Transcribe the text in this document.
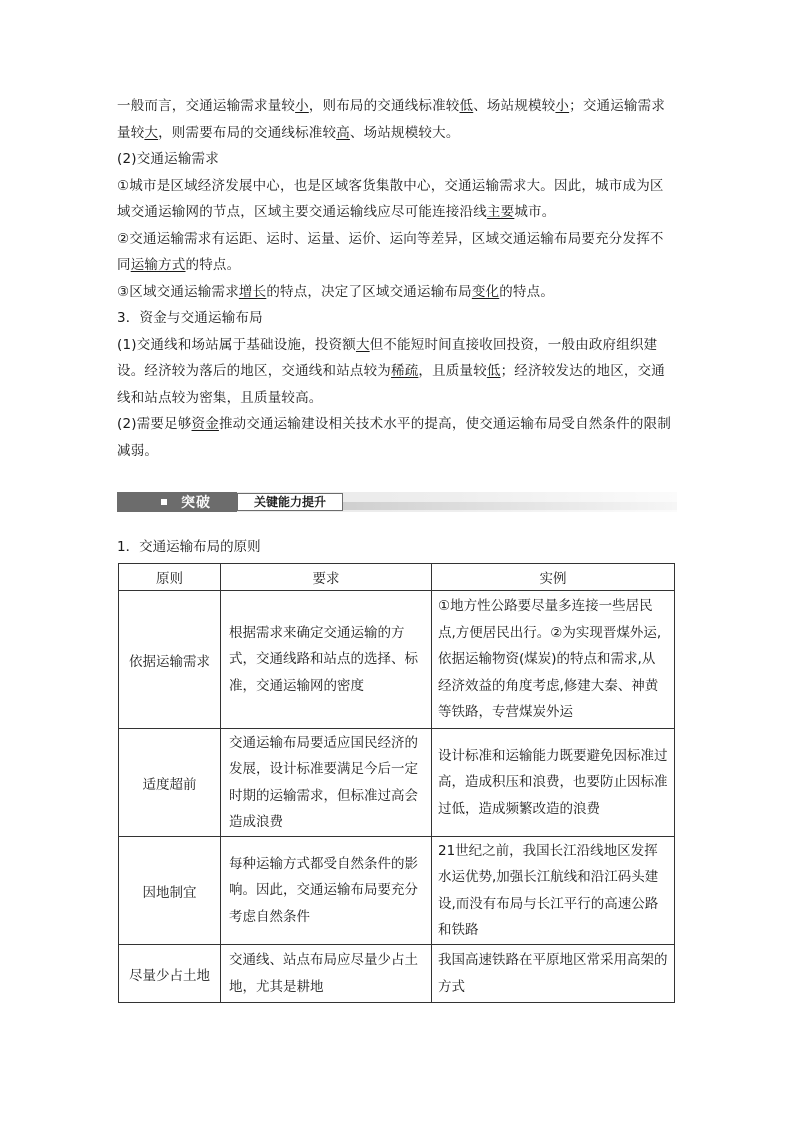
一般而言，交通运输需求量较小，则布局的交通线标准较低、场站规模较小；交通运输需求量较大，则需要布局的交通线标准较高、场站规模较大。

(2)交通运输需求

①城市是区域经济发展中心，也是区域客货集散中心，交通运输需求大。因此，城市成为区域交通运输网的节点，区域主要交通运输线应尽可能连接沿线主要城市。

②交通运输需求有运距、运时、运量、运价、运向等差异，区域交通运输布局要充分发挥不同运输方式的特点。

③区域交通运输需求增长的特点，决定了区域交通运输布局变化的特点。

3．资金与交通运输布局

(1)交通线和场站属于基础设施，投资额大但不能短时间直接收回投资，一般由政府组织建设。经济较为落后的地区，交通线和站点较为稀疏，且质量较低；经济较发达的地区，交通线和站点较为密集，且质量较高。

(2)需要足够资金推动交通运输建设相关技术水平的提高，使交通运输布局受自然条件的限制减弱。

突破	关键能力提升
1．交通运输布局的原则
原则	要求	实例
依据运输需求	根据需求来确定交通运输的方式，交通线路和站点的选择、标准，交通运输网的密度	①地方性公路要尽量多连接一些居民点,方便居民出行。②为实现晋煤外运,依据运输物资(煤炭)的特点和需求,从经济效益的角度考虑,修建大秦、神黄等铁路，专营煤炭外运
适度超前	交通运输布局要适应国民经济的发展，设计标准要满足今后一定时期的运输需求，但标准过高会造成浪费	设计标准和运输能力既要避免因标准过高，造成积压和浪费，也要防止因标准过低，造成频繁改造的浪费
因地制宜	每种运输方式都受自然条件的影响。因此，交通运输布局要充分考虑自然条件	21世纪之前，我国长江沿线地区发挥水运优势,加强长江航线和沿江码头建设,而没有布局与长江平行的高速公路和铁路
尽量少占土地	交通线、站点布局应尽量少占土地，尤其是耕地	我国高速铁路在平原地区常采用高架的方式
